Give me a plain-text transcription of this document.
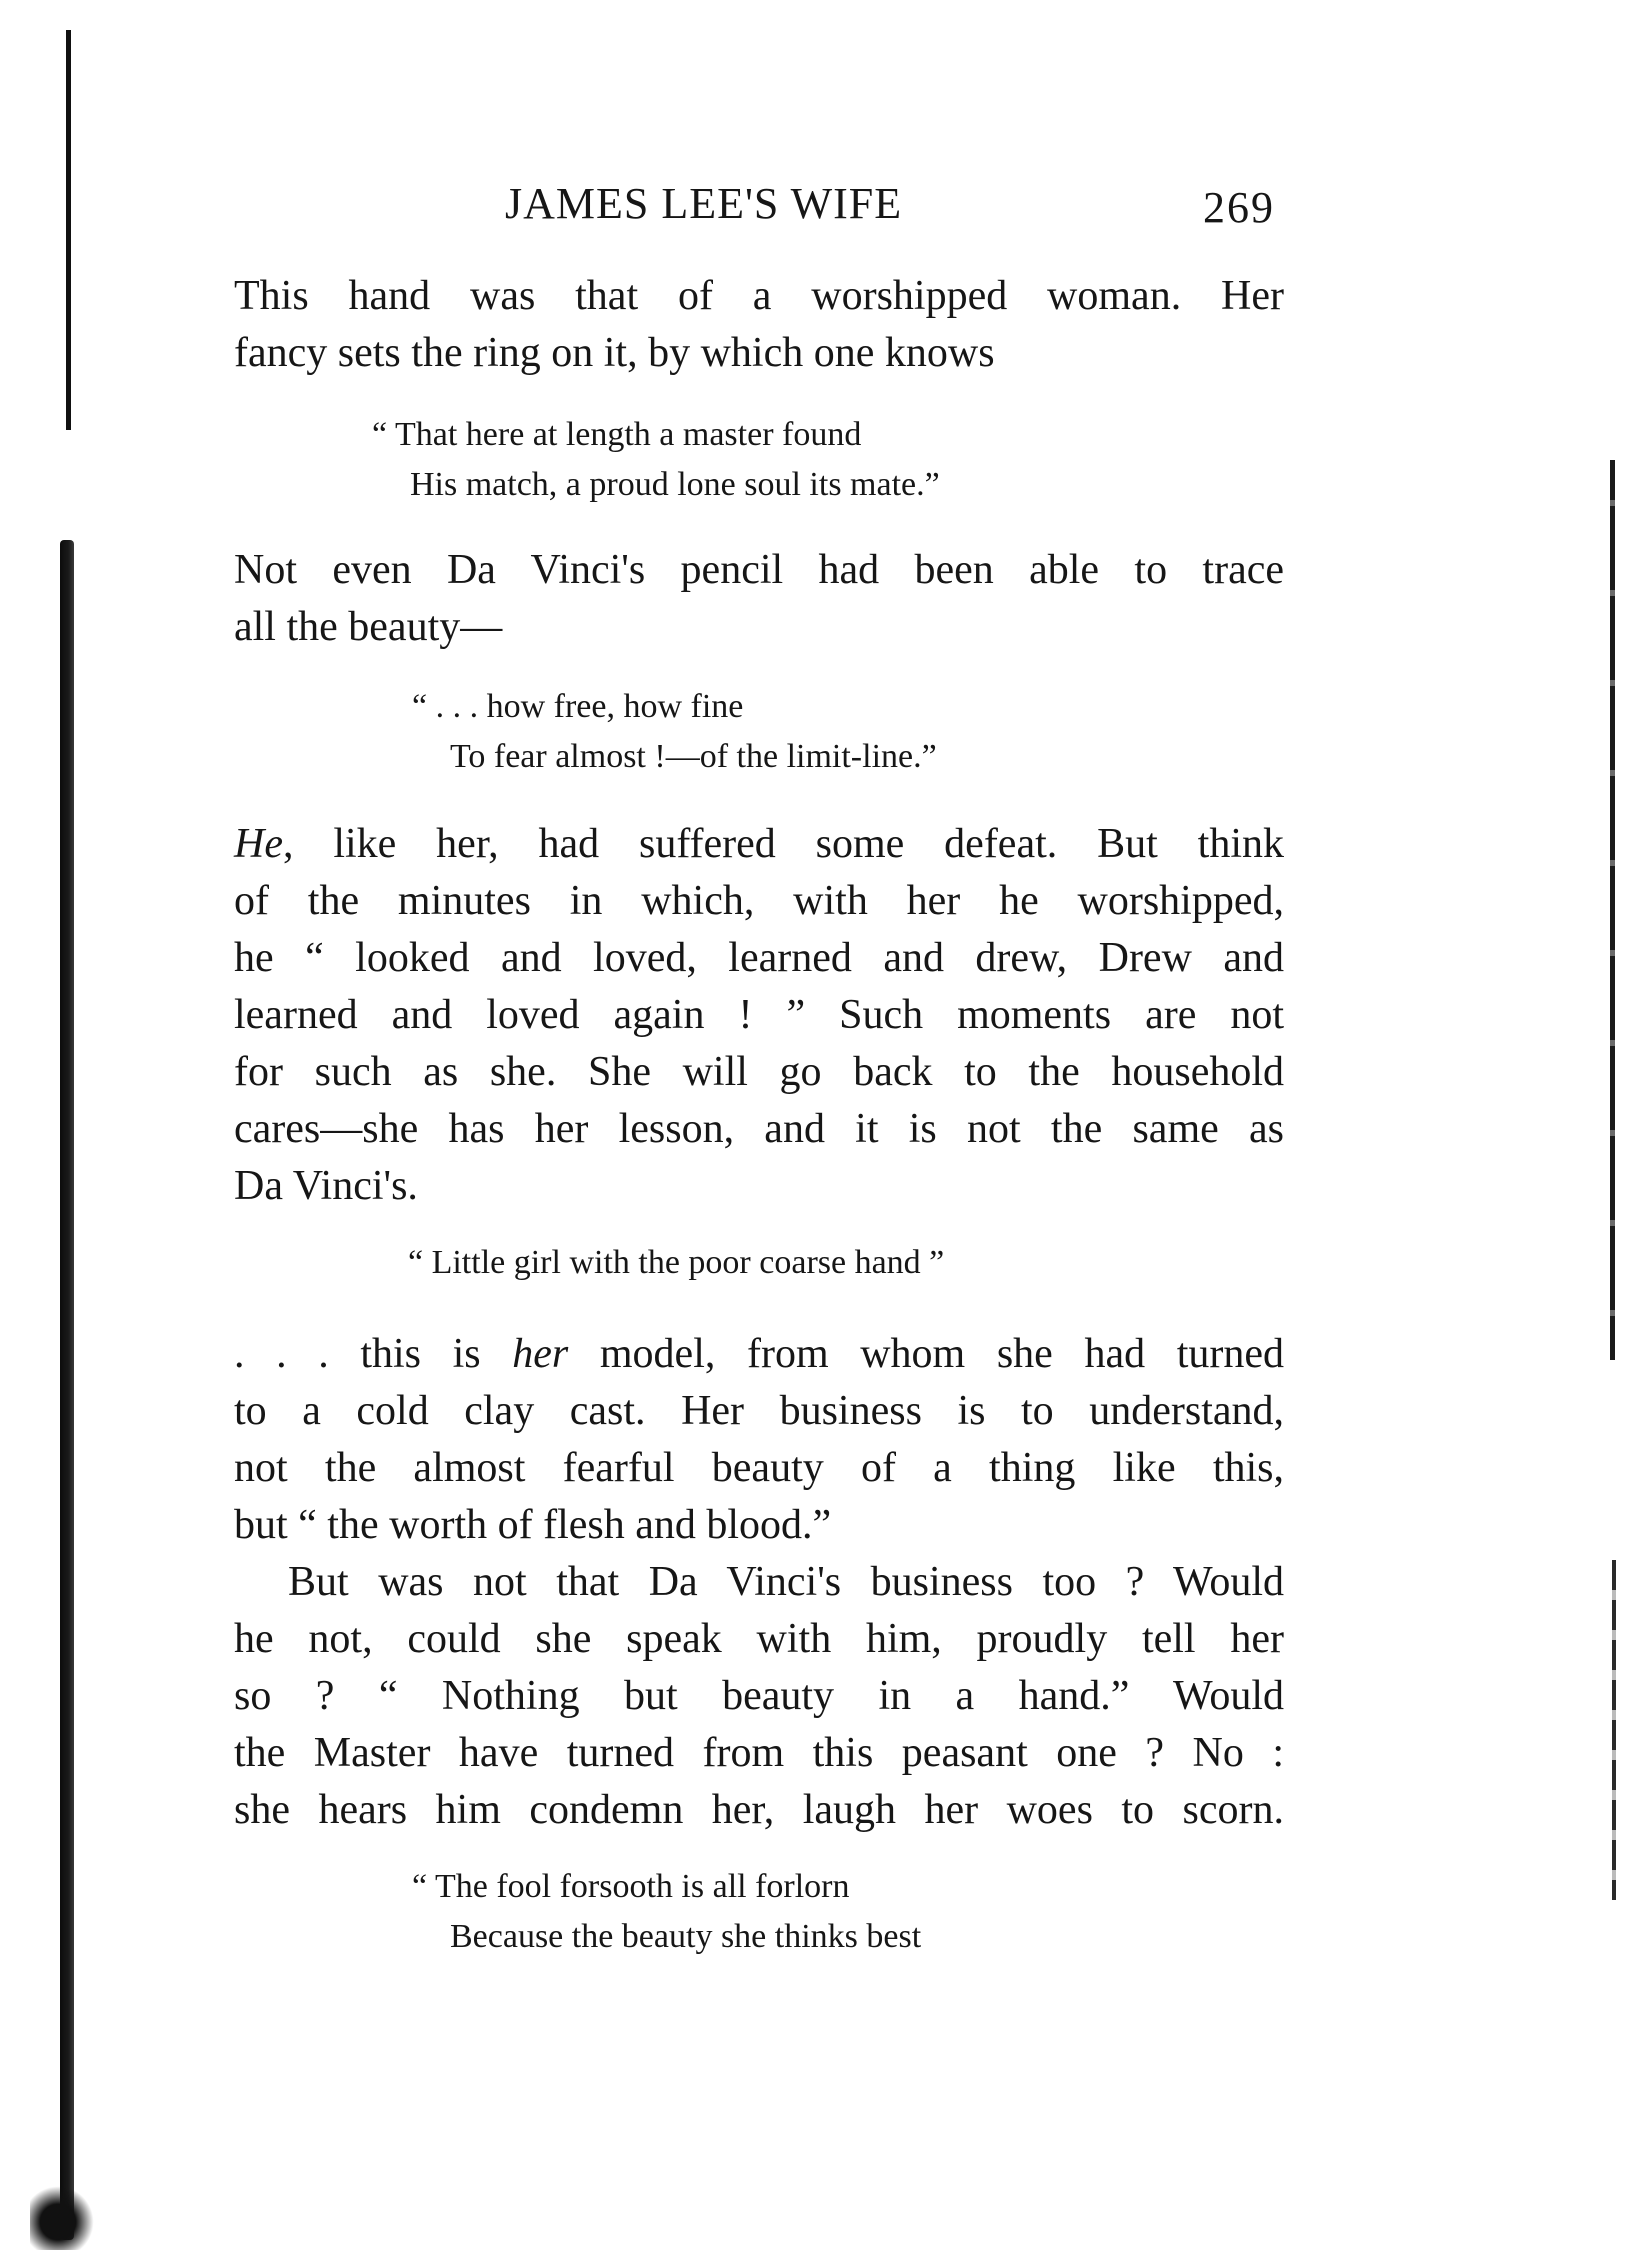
JAMES LEE'S WIFE	269

This hand was that of a worshipped woman. Her

fancy sets the ring on it, by which one knows

“ That here at length a master found
His match, a proud lone soul its mate.”

Not even Da Vinci's pencil had been able to trace

all the beauty—

“ . . . how free, how fine
To fear almost !—of the limit-line.”

He, like her, had suffered some defeat. But think

of the minutes in which, with her he worshipped,

he “ looked and loved, learned and drew, Drew and

learned and loved again ! ” Such moments are not

for such as she. She will go back to the household

cares—she has her lesson, and it is not the same as

Da Vinci's.

“ Little girl with the poor coarse hand ”

. . . this is her model, from whom she had turned

to a cold clay cast. Her business is to understand,

not the almost fearful beauty of a thing like this,

but “ the worth of flesh and blood.”

But was not that Da Vinci's business too ? Would

he not, could she speak with him, proudly tell her

so ? “ Nothing but beauty in a hand.” Would

the Master have turned from this peasant one ? No :

she hears him condemn her, laugh her woes to scorn.

“ The fool forsooth is all forlorn
Because the beauty she thinks best
